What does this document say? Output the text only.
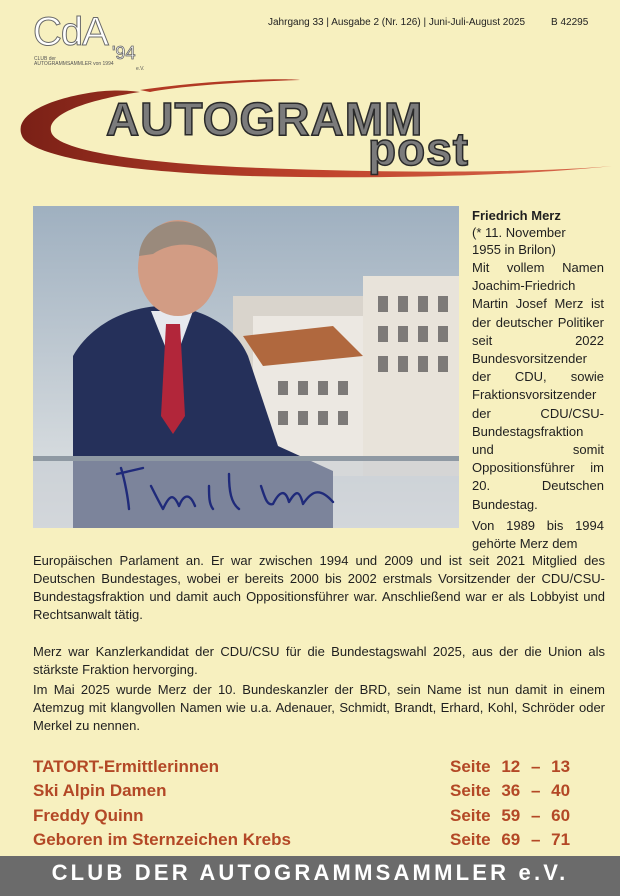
CdA '94
CLUB der
AUTOGRAMMSAMMLER von 1994
e.V.
Jahrgang 33 | Ausgabe 2 (Nr. 126) | Juni-Juli-August 2025	B 42295
AUTOGRAMM
post
Friedrich Merz
(* 11. November
1955 in Brilon)
Mit vollem Namen Joachim-Friedrich Martin Josef Merz ist der deutscher Politiker seit 2022 Bundesvorsitzender der CDU, sowie Fraktionsvorsitzender der CDU/CSU-Bundestagsfraktion und somit Oppositionsführer im 20. Deutschen Bundestag.
Von 1989 bis 1994 gehörte Merz dem
Europäischen Parlament an. Er war zwischen 1994 und 2009 und ist seit 2021 Mitglied des Deutschen Bundestages, wobei er bereits 2000 bis 2002 erstmals Vorsitzender der CDU/CSU-Bundestagsfraktion und damit auch Oppositionsführer war. Anschließend war er als Lobbyist und Rechtsanwalt tätig.
Merz war Kanzlerkandidat der CDU/CSU für die Bundestagswahl 2025, aus der die Union als stärkste Fraktion hervorging.
Im Mai 2025 wurde Merz der 10. Bundeskanzler der BRD, sein Name ist nun damit in einem Atemzug mit klangvollen Namen wie u.a. Adenauer, Schmidt, Brandt, Erhard, Kohl, Schröder oder Merkel zu nennen.
TATORT-Ermittlerinnen	Seite 12 – 13
Ski Alpin Damen	Seite 36 – 40
Freddy Quinn	Seite 59 – 60
Geboren im Sternzeichen Krebs	Seite 69 – 71
CLUB DER AUTOGRAMMSAMMLER e.V.
